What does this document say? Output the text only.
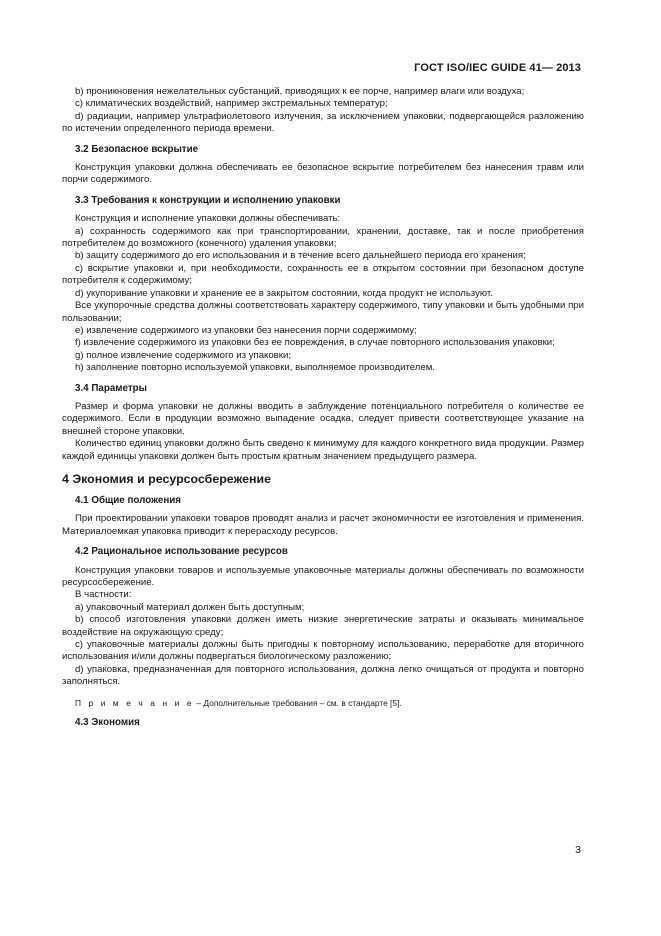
ГОСТ ISO/IEC GUIDE 41— 2013

b) проникновения нежелательных субстанций, приводящих к ее порче, например влаги или воздуха;

c) климатических воздействий, например экстремальных температур;

d) радиации, например ультрафиолетового излучения, за исключением упаковки, подвергающейся разложению по истечении определенного периода времени.

3.2 Безопасное вскрытие

Конструкция упаковки должна обеспечивать ее безопасное вскрытие потребителем без нанесения травм или порчи содержимого.

3.3 Требования к конструкции и исполнению упаковки

Конструкция и исполнение упаковки должны обеспечивать:

a) сохранность содержимого как при транспортировании, хранении, доставке, так и после приобретения потребителем до возможного (конечного) удаления упаковки;

b) защиту содержимого до его использования и в течение всего дальнейшего периода его хранения;

c) вскрытие упаковки и, при необходимости, сохранность ее в открытом состоянии при безопасном доступе потребителя к содержимому;

d) укупоривание упаковки и хранение ее в закрытом состоянии, когда продукт не используют.

Все укупорочные средства должны соответствовать характеру содержимого, типу упаковки и быть удобными при пользовании;

e) извлечение содержимого из упаковки без нанесения порчи содержимому;

f) извлечение содержимого из упаковки без ее повреждения, в случае повторного использования упаковки;

g) полное извлечение содержимого из упаковки;

h) заполнение повторно используемой упаковки, выполняемое производителем.

3.4 Параметры

Размер и форма упаковки не должны вводить в заблуждение потенциального потребителя о количестве ее содержимого. Если в продукции возможно выпадение осадка, следует привести соответствующее указание на внешней стороне упаковки.

Количество единиц упаковки должно быть сведено к минимуму для каждого конкретного вида продукции. Размер каждой единицы упаковки должен быть простым кратным значением предыдущего размера.

4 Экономия и ресурсосбережение
4.1 Общие положения

При проектировании упаковки товаров проводят анализ и расчет экономичности ее изготовления и применения. Материалоемкая упаковка приводит к перерасходу ресурсов.

4.2 Рациональное использование ресурсов

Конструкция упаковки товаров и используемые упаковочные материалы должны обеспечивать по возможности ресурсосбережение.

В частности:

a) упаковочный материал должен быть доступным;

b) способ изготовления упаковки должен иметь низкие энергетические затраты и оказывать минимальное воздействие на окружающую среду;

c) упаковочные материалы должны быть пригодны к повторному использованию, переработке для вторичного использования и/или должны подвергаться биологическому разложению;

d) упаковка, предназначенная для повторного использования, должна легко очищаться от продукта и повторно заполняться.

П р и м е ч а н и е – Дополнительные требования – см. в стандарте [5].

4.3 Экономия
3
